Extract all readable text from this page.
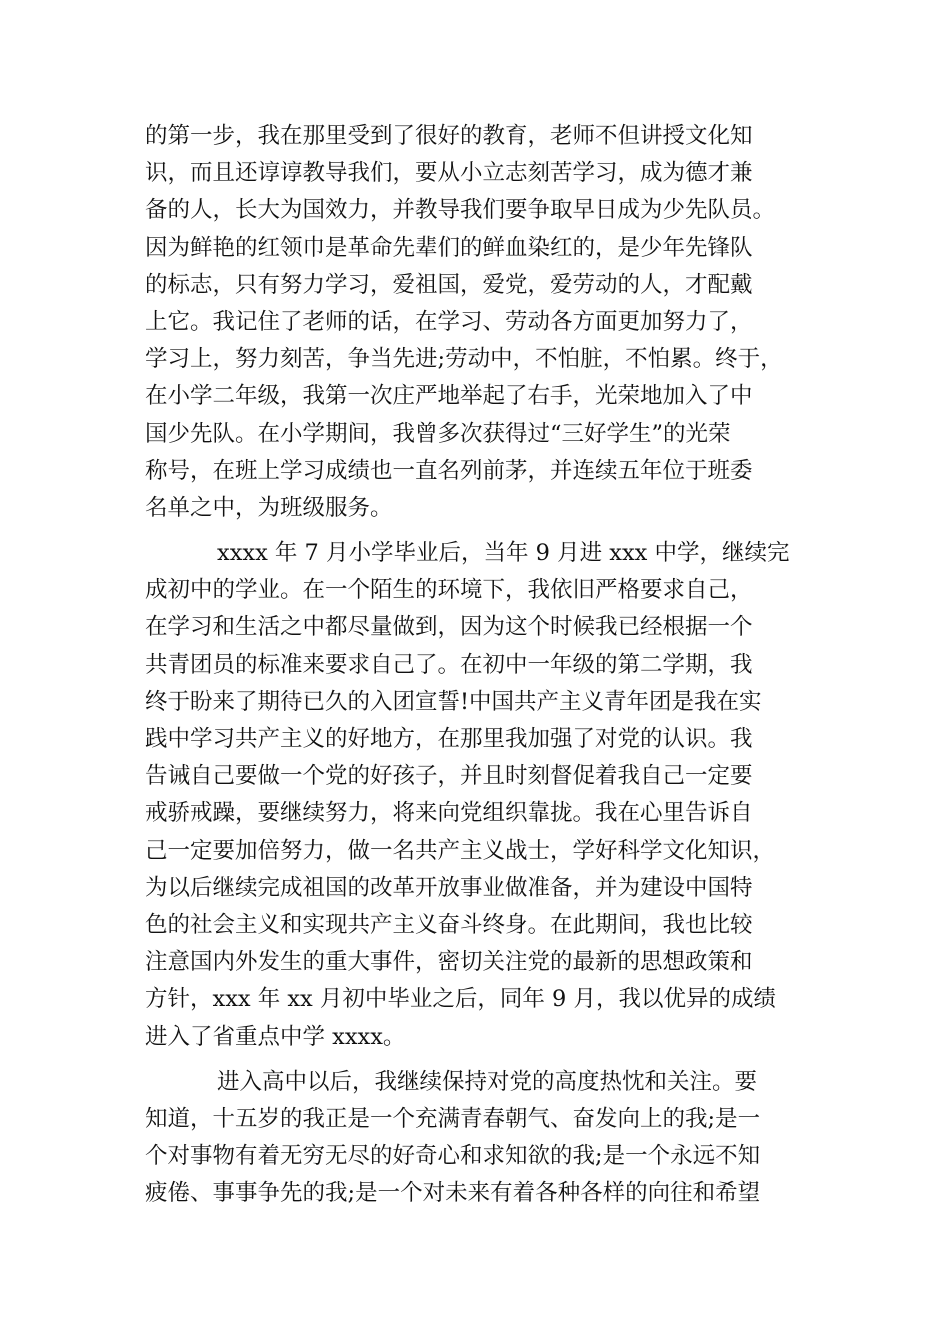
的第一步，我在那里受到了很好的教育，老师不但讲授文化知
识，而且还谆谆教导我们，要从小立志刻苦学习，成为德才兼
备的人，长大为国效力，并教导我们要争取早日成为少先队员。
因为鲜艳的红领巾是革命先辈们的鲜血染红的，是少年先锋队
的标志，只有努力学习，爱祖国，爱党，爱劳动的人，才配戴
上它。我记住了老师的话，在学习、劳动各方面更加努力了，
学习上，努力刻苦，争当先进;劳动中，不怕脏，不怕累。终于，
在小学二年级，我第一次庄严地举起了右手，光荣地加入了中
国少先队。在小学期间，我曾多次获得过“三好学生”的光荣
称号，在班上学习成绩也一直名列前茅，并连续五年位于班委
名单之中，为班级服务。
xxxx 年 7 月小学毕业后，当年 9 月进 xxx 中学，继续完
成初中的学业。在一个陌生的环境下，我依旧严格要求自己，
在学习和生活之中都尽量做到，因为这个时候我已经根据一个
共青团员的标准来要求自己了。在初中一年级的第二学期，我
终于盼来了期待已久的入团宣誓!中国共产主义青年团是我在实
践中学习共产主义的好地方，在那里我加强了对党的认识。我
告诫自己要做一个党的好孩子，并且时刻督促着我自己一定要
戒骄戒躁，要继续努力，将来向党组织靠拢。我在心里告诉自
己一定要加倍努力，做一名共产主义战士，学好科学文化知识，
为以后继续完成祖国的改革开放事业做准备，并为建设中国特
色的社会主义和实现共产主义奋斗终身。在此期间，我也比较
注意国内外发生的重大事件，密切关注党的最新的思想政策和
方针，xxx 年 xx 月初中毕业之后，同年 9 月，我以优异的成绩
进入了省重点中学 xxxx。
进入高中以后，我继续保持对党的高度热忱和关注。要
知道，十五岁的我正是一个充满青春朝气、奋发向上的我;是一
个对事物有着无穷无尽的好奇心和求知欲的我;是一个永远不知
疲倦、事事争先的我;是一个对未来有着各种各样的向往和希望
